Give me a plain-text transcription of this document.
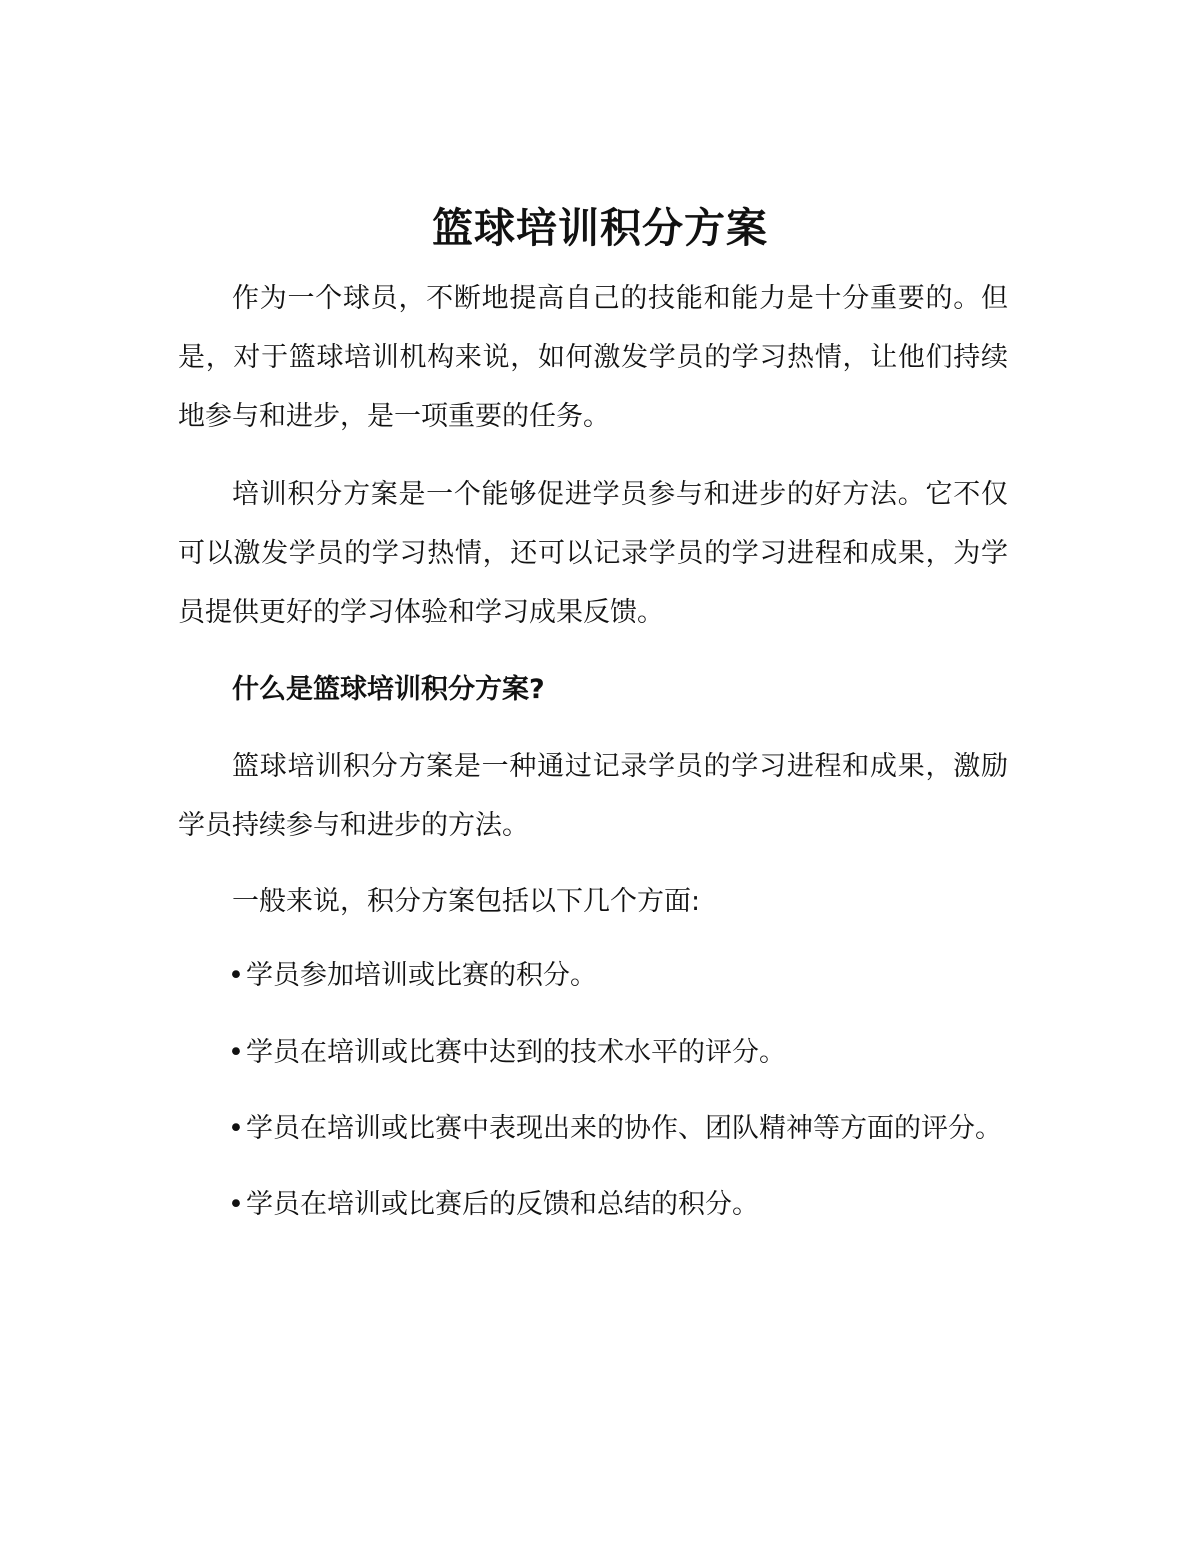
篮球培训积分方案

作为一个球员，不断地提高自己的技能和能力是十分重要的。但是，对于篮球培训机构来说，如何激发学员的学习热情，让他们持续地参与和进步，是一项重要的任务。

培训积分方案是一个能够促进学员参与和进步的好方法。它不仅可以激发学员的学习热情，还可以记录学员的学习进程和成果，为学员提供更好的学习体验和学习成果反馈。

什么是篮球培训积分方案?

篮球培训积分方案是一种通过记录学员的学习进程和成果，激励学员持续参与和进步的方法。

一般来说，积分方案包括以下几个方面:

•学员参加培训或比赛的积分。

•学员在培训或比赛中达到的技术水平的评分。

•学员在培训或比赛中表现出来的协作、团队精神等方面的评分。

•学员在培训或比赛后的反馈和总结的积分。
